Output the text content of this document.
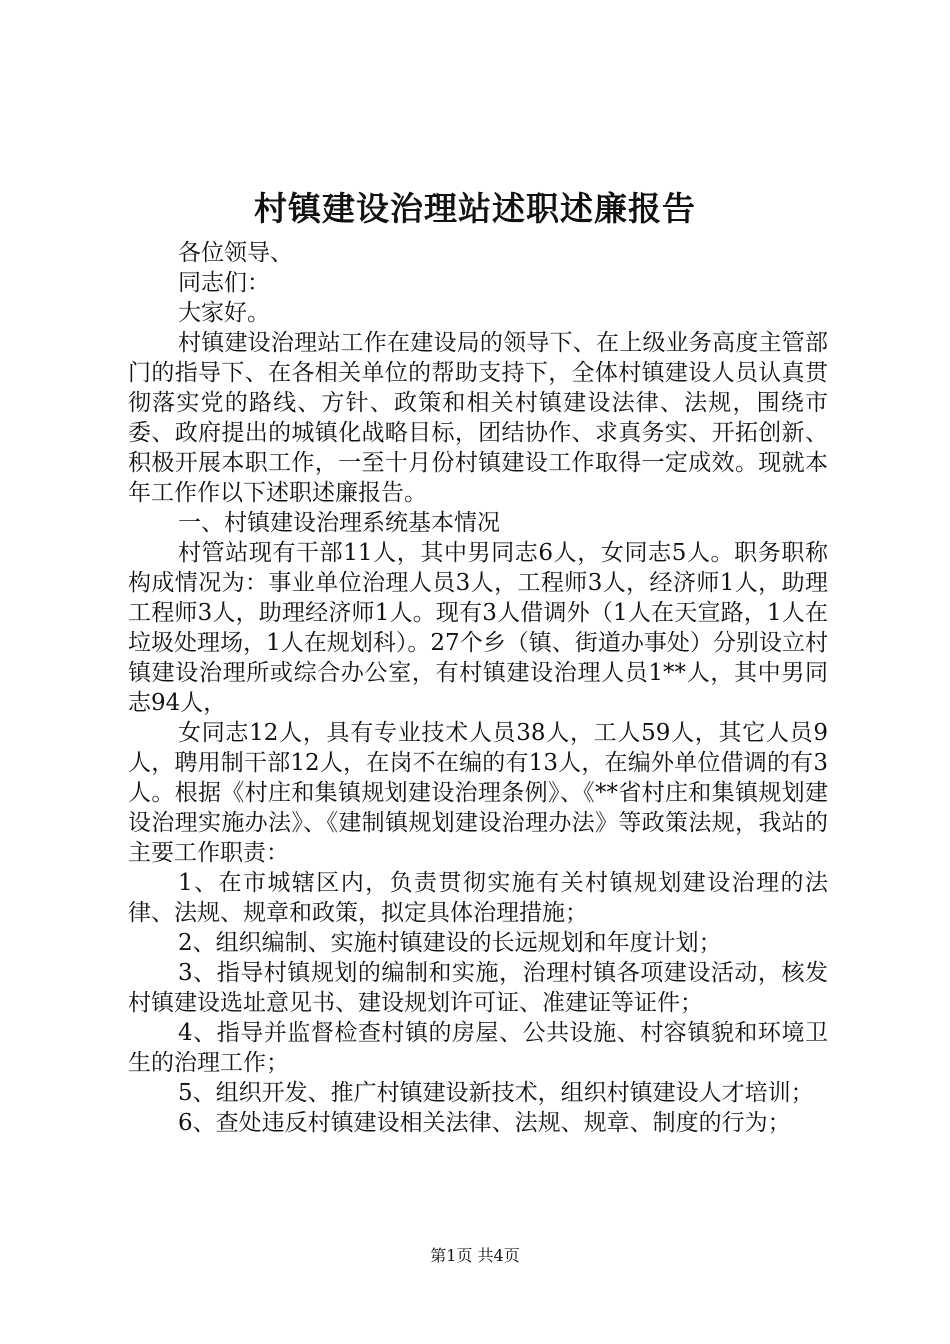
村镇建设治理站述职述廉报告

各位领导、

同志们：

大家好。

村镇建设治理站工作在建设局的领导下、在上级业务高度主管部门的指导下、在各相关单位的帮助支持下，全体村镇建设人员认真贯彻落实党的路线、方针、政策和相关村镇建设法律、法规，围绕市委、政府提出的城镇化战略目标，团结协作、求真务实、开拓创新、积极开展本职工作，一至十月份村镇建设工作取得一定成效。现就本年工作作以下述职述廉报告。

一、村镇建设治理系统基本情况

村管站现有干部11人，其中男同志6人，女同志5人。职务职称构成情况为：事业单位治理人员3人，工程师3人，经济师1人，助理工程师3人，助理经济师1人。现有3人借调外（1人在天宣路，1人在垃圾处理场，1人在规划科）。27个乡（镇、街道办事处）分别设立村镇建设治理所或综合办公室，有村镇建设治理人员1**人，其中男同志94人，

女同志12人，具有专业技术人员38人，工人59人，其它人员9人，聘用制干部12人，在岗不在编的有13人，在编外单位借调的有3人。根据《村庄和集镇规划建设治理条例》、《**省村庄和集镇规划建设治理实施办法》、《建制镇规划建设治理办法》等政策法规，我站的主要工作职责：

1、在市城辖区内，负责贯彻实施有关村镇规划建设治理的法律、法规、规章和政策，拟定具体治理措施；

2、组织编制、实施村镇建设的长远规划和年度计划；

3、指导村镇规划的编制和实施，治理村镇各项建设活动，核发村镇建设选址意见书、建设规划许可证、准建证等证件；

4、指导并监督检查村镇的房屋、公共设施、村容镇貌和环境卫生的治理工作；

5、组织开发、推广村镇建设新技术，组织村镇建设人才培训；

6、查处违反村镇建设相关法律、法规、规章、制度的行为；

第1页 共4页
